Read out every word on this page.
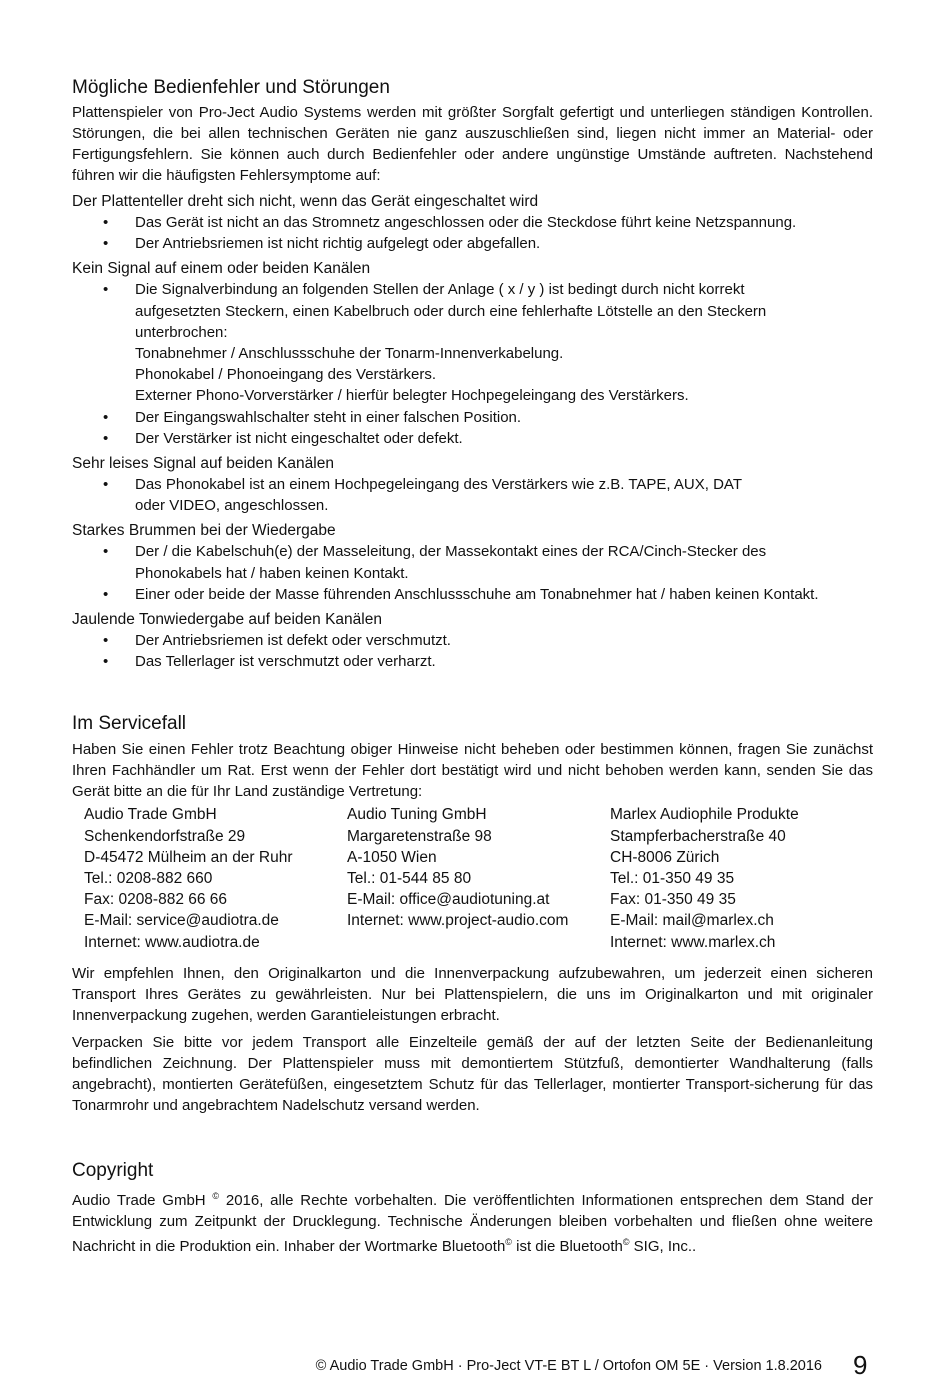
Mögliche Bedienfehler und Störungen

Plattenspieler von Pro-Ject Audio Systems werden mit größter Sorgfalt gefertigt und unterliegen ständigen Kontrollen. Störungen, die bei allen technischen Geräten nie ganz auszuschließen sind, liegen nicht immer an Material- oder Fertigungsfehlern. Sie können auch durch Bedienfehler oder andere ungünstige Umstände auftreten. Nachstehend führen wir die häufigsten Fehlersymptome auf:

Der Plattenteller dreht sich nicht, wenn das Gerät eingeschaltet wird
• Das Gerät ist nicht an das Stromnetz angeschlossen oder die Steckdose führt keine Netzspannung.
• Der Antriebsriemen ist nicht richtig aufgelegt oder abgefallen.
Kein Signal auf einem oder beiden Kanälen
• Die Signalverbindung an folgenden Stellen der Anlage ( x / y ) ist bedingt durch nicht korrekt
aufgesetzten Steckern, einen Kabelbruch oder durch eine fehlerhafte Lötstelle an den Steckern
unterbrochen:
Tonabnehmer / Anschlussschuhe der Tonarm-Innenverkabelung.
Phonokabel / Phonoeingang des Verstärkers.
Externer Phono-Vorverstärker / hierfür belegter Hochpegeleingang des Verstärkers.
• Der Eingangswahlschalter steht in einer falschen Position.
• Der Verstärker ist nicht eingeschaltet oder defekt.
Sehr leises Signal auf beiden Kanälen
• Das Phonokabel ist an einem Hochpegeleingang des Verstärkers wie z.B. TAPE, AUX, DAT
oder VIDEO, angeschlossen.
Starkes Brummen bei der Wiedergabe
• Der / die Kabelschuh(e) der Masseleitung, der Massekontakt eines der RCA/Cinch-Stecker des
Phonokabels hat / haben keinen Kontakt.
• Einer oder beide der Masse führenden Anschlussschuhe am Tonabnehmer hat / haben keinen Kontakt.
Jaulende Tonwiedergabe auf beiden Kanälen
• Der Antriebsriemen ist defekt oder verschmutzt.
• Das Tellerlager ist verschmutzt oder verharzt.
Im Servicefall

Haben Sie einen Fehler trotz Beachtung obiger Hinweise nicht beheben oder bestimmen können, fragen Sie zunächst Ihren Fachhändler um Rat. Erst wenn der Fehler dort bestätigt wird und nicht behoben werden kann, senden Sie das Gerät bitte an die für Ihr Land zuständige Vertretung:

Audio Trade GmbH
Schenkendorfstraße 29
D-45472 Mülheim an der Ruhr
Tel.: 0208-882 660
Fax: 0208-882 66 66
E-Mail: service@audiotra.de
Internet: www.audiotra.de
Audio Tuning GmbH
Margaretenstraße 98
A-1050 Wien
Tel.: 01-544 85 80
E-Mail: office@audiotuning.at
Internet: www.project-audio.com
Marlex Audiophile Produkte
Stampferbacherstraße 40
CH-8006 Zürich
Tel.: 01-350 49 35
Fax: 01-350 49 35
E-Mail: mail@marlex.ch
Internet: www.marlex.ch

Wir empfehlen Ihnen, den Originalkarton und die Innenverpackung aufzubewahren, um jederzeit einen sicheren Transport Ihres Gerätes zu gewährleisten. Nur bei Plattenspielern, die uns im Originalkarton und mit originaler Innenverpackung zugehen, werden Garantieleistungen erbracht.

Verpacken Sie bitte vor jedem Transport alle Einzelteile gemäß der auf der letzten Seite der Bedienanleitung befindlichen Zeichnung. Der Plattenspieler muss mit demontiertem Stützfuß, demontierter Wandhalterung (falls angebracht), montierten Gerätefüßen, eingesetztem Schutz für das Tellerlager, montierter Transport-sicherung für das Tonarmrohr und angebrachtem Nadelschutz versand werden.

Copyright

Audio Trade GmbH © 2016, alle Rechte vorbehalten. Die veröffentlichten Informationen entsprechen dem Stand der Entwicklung zum Zeitpunkt der Drucklegung. Technische Änderungen bleiben vorbehalten und fließen ohne weitere Nachricht in die Produktion ein. Inhaber der Wortmarke Bluetooth© ist die Bluetooth© SIG, Inc..

© Audio Trade GmbH · Pro-Ject VT-E BT L / Ortofon OM 5E · Version 1.8.2016 9
